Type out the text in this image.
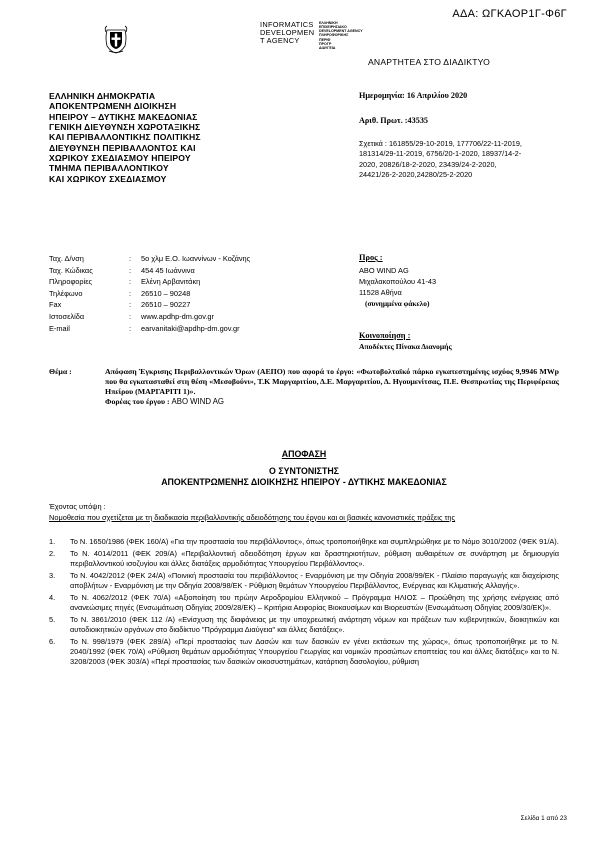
ΑΔΑ: ΩΓΚΑΟΡ1Γ-Φ6Γ
INFORMATICS
DEVELOPMEN
T AGENCY
ΕΛΛΗΝΙΚΗ
ΕΠΙΧΕΙΡΗΣΙΑΚΟ
DEVELOPMENT AGENCY
ΠΛΗΡΟΦΟΡΙΚΗΣ
ΠΕΡΙΦ
ΠΡΟΓΡ
ΔΙΑΥΓΕΙΑ
ΑΝΑΡΤΗΤΕΑ ΣΤΟ ΔΙΑΔΙΚΤΥΟ
ΕΛΛΗΝΙΚΗ ΔΗΜΟΚΡΑΤΙΑ
ΑΠΟΚΕΝΤΡΩΜΕΝΗ ΔΙΟΙΚΗΣΗ
ΗΠΕΙΡΟΥ – ΔΥΤΙΚΗΣ ΜΑΚΕΔΟΝΙΑΣ
ΓΕΝΙΚΗ ΔΙΕΥΘΥΝΣΗ ΧΩΡΟΤΑΞΙΚΗΣ
ΚΑΙ ΠΕΡΙΒΑΛΛΟΝΤΙΚΗΣ ΠΟΛΙΤΙΚΗΣ
ΔΙΕΥΘΥΝΣΗ ΠΕΡΙΒΑΛΛΟΝΤΟΣ ΚΑΙ
ΧΩΡΙΚΟΥ ΣΧΕΔΙΑΣΜΟΥ ΗΠΕΙΡΟΥ
ΤΜΗΜΑ ΠΕΡΙΒΑΛΛΟΝΤΙΚΟΥ
ΚΑΙ ΧΩΡΙΚΟΥ ΣΧΕΔΙΑΣΜΟΥ
Ημερομηνία: 16 Απριλίου 2020
Αριθ. Πρωτ. :43535
Σχετικά : 161855/29-10-2019, 177706/22-11-2019, 181314/29-11-2019, 6756/20-1-2020, 18937/14-2-2020, 20826/18-2-2020, 23439/24-2-2020, 24421/26-2-2020,24280/25-2-2020
Ταχ. Δ/νση	:	5ο χλμ Ε.Ο. Ιωαννίνων - Κοζάνης
Ταχ. Κώδικας	:	454 45 Ιωάννινα
Πληροφορίες	:	Ελένη Αρβανιτάκη
Τηλέφωνο	:	26510 – 90248
Fax	:	26510 – 90227
Ιστοσελίδα	:	www.apdhp-dm.gov.gr
E-mail	:	earvanitaki@apdhp-dm.gov.gr
Προς :
ABO WIND AG
Μιχαλακοπούλου 41-43
11528 Αθήνα
(συνημμένα φάκελο)
Κοινοποίηση :
Αποδέκτες Πίνακα Διανομής
Θέμα :	Απόφαση Έγκρισης Περιβαλλοντικών Όρων (ΑΕΠΟ) που αφορά το έργο: «Φωτοβολταϊκό πάρκο εγκατεστημένης ισχύος 9,9946 MWp που θα εγκατασταθεί στη θέση «Μεσοβούνι», Τ.Κ Μαργαριτίου, Δ.Ε. Μαργαριτίου, Δ. Ηγουμενίτσας, Π.Ε. Θεσπρωτίας της Περιφέρειας Ηπείρου (ΜΑΡΓΑΡΙΤΙ 1)».
Φορέας του έργου : ABO WIND AG
ΑΠΟΦΑΣΗ
Ο ΣΥΝΤΟΝΙΣΤΗΣ
ΑΠΟΚΕΝΤΡΩΜΕΝΗΣ ΔΙΟΙΚΗΣΗΣ ΗΠΕΙΡΟΥ - ΔΥΤΙΚΗΣ ΜΑΚΕΔΟΝΙΑΣ
Έχοντας υπόψη :
Νομοθεσία που σχετίζεται με τη διαδικασία περιβαλλοντικής αδειοδότησης του έργου και οι βασικές κανονιστικές πράξεις της
1.	Το Ν. 1650/1986 (ΦΕΚ 160/Α) «Για την προστασία του περιβάλλοντος», όπως τροποποιήθηκε και συμπληρώθηκε με το Νόμο 3010/2002 (ΦΕΚ 91/Α).
2.	Το Ν. 4014/2011 (ΦΕΚ 209/Α) «Περιβαλλοντική αδειοδότηση έργων και δραστηριοτήτων, ρύθμιση αυθαιρέτων σε συνάρτηση με δημιουργία περιβαλλοντικού ισοζυγίου και άλλες διατάξεις αρμοδιότητας Υπουργείου Περιβάλλοντος».
3.	Το Ν. 4042/2012 (ΦΕΚ 24/Α) «Ποινική προστασία του περιβάλλοντος - Εναρμόνιση με την Οδηγία 2008/99/ΕΚ - Πλαίσιο παραγωγής και διαχείρισης αποβλήτων - Εναρμόνιση με την Οδηγία 2008/98/ΕΚ - Ρύθμιση θεμάτων Υπουργείου Περιβάλλοντος, Ενέργειας και Κλιματικής Αλλαγής».
4.	Το Ν. 4062/2012 (ΦΕΚ 70/Α) «Αξιοποίηση του πρώην Αεροδρομίου Ελληνικού – Πρόγραμμα ΗΛΙΟΣ – Προώθηση της χρήσης ενέργειας από ανανεώσιμες πηγές (Ενσωμάτωση Οδηγίας 2009/28/ΕΚ) – Κριτήρια Αειφορίας Βιοκαυσίμων και Βιορευστών (Ενσωμάτωση Οδηγίας 2009/30/ΕΚ)».
5.	Το Ν. 3861/2010 (ΦΕΚ 112 /Α) «Ενίσχυση της διαφάνειας με την υποχρεωτική ανάρτηση νόμων και πράξεων των κυβερνητικών, διοικητικών και αυτοδιοικητικών οργάνων στο διαδίκτυο "Πρόγραμμα Διαύγεια" και άλλες διατάξεις».
6.	Το Ν. 998/1979 (ΦΕΚ 289/Α) «Περί προστασίας των Δασών και των δασικών εν γένει εκτάσεων της χώρας», όπως τροποποιήθηκε με το Ν. 2040/1992 (ΦΕΚ 70/Α) «Ρύθμιση θεμάτων αρμοδιότητας Υπουργείου Γεωργίας και νομικών προσώπων εποπτείας του και άλλες διατάξεις» και το Ν. 3208/2003 (ΦΕΚ 303/Α) «Περί προστασίας των δασικών οικοσυστημάτων, κατάρτιση δασολογίου, ρύθμιση
Σελίδα 1 από 23
